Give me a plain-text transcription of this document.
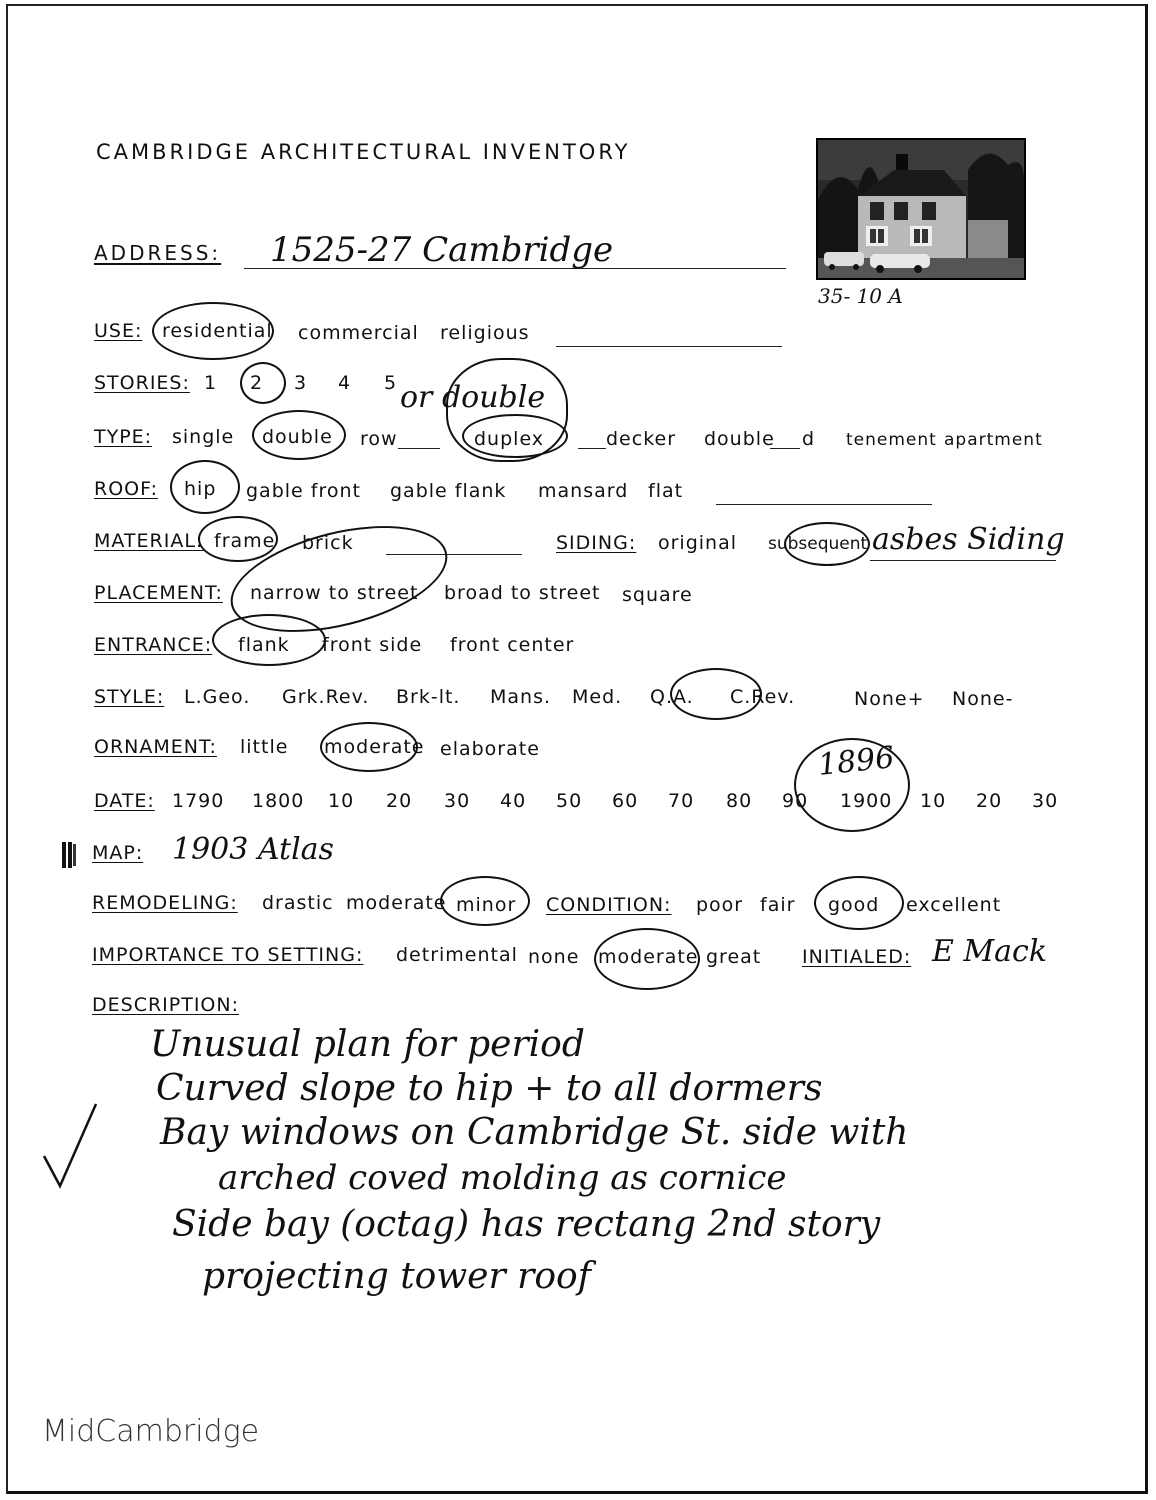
CAMBRIDGE ARCHITECTURAL INVENTORY
35- 10 A
ADDRESS: 1525-27 Cambridge
USE: residential commercial religious
STORIES: 1 2 3 4 5 or double
TYPE: single double row	duplex	decker double d tenement apartment
ROOF: hip gable front gable flank mansard flat
MATERIAL: frame brick	SIDING: original subsequent asbes Siding
PLACEMENT: narrow to street broad to street square
ENTRANCE: flank front side front center
STYLE: L.Geo. Grk.Rev. Brk-lt. Mans. Med. Q.A. C.Rev.	None+ None-
ORNAMENT: little moderate elaborate
DATE: 1790 1800 10 20 30 40 50 60 70 80 90 1900 10 20 30
1896
MAP: 1903 Atlas
REMODELING: drastic moderate minor CONDITION: poor fair good excellent
IMPORTANCE TO SETTING: detrimental none moderate great INITIALED: E Mack
DESCRIPTION:
Unusual plan for period
Curved slope to hip + to all dormers
Bay windows on Cambridge St. side with
arched coved molding as cornice
Side bay (octag) has rectang 2nd story
projecting tower roof
MidCambridge
